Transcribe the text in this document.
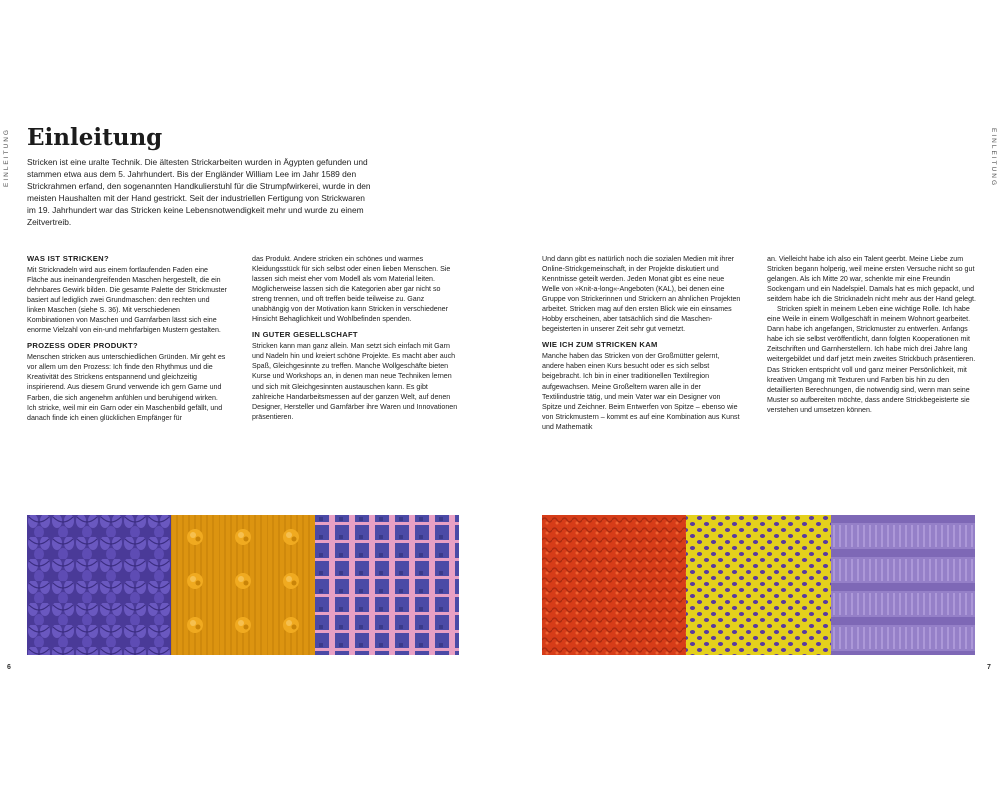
EINLEITUNG	EINLEITUNG
Einleitung

Stricken ist eine uralte Technik. Die ältesten Strickarbeiten wurden in Ägypten gefunden und stammen etwa aus dem 5. Jahrhundert. Bis der Engländer William Lee im Jahr 1589 den Strickrahmen erfand, den sogenannten Handkulierstuhl für die Strumpfwirkerei, wurde in den meisten Haushalten mit der Hand gestrickt. Seit der industriellen Fertigung von Strickwaren im 19. Jahrhundert war das Stricken keine Lebensnotwendigkeit mehr und wurde zu einem Zeitvertreib.

WAS IST STRICKEN?

Mit Stricknadeln wird aus einem fortlaufenden Faden eine Fläche aus ineinandergreifenden Maschen hergestellt, die ein dehnbares Gewirk bilden. Die gesamte Palette der Strickmuster basiert auf lediglich zwei Grundmaschen: den rechten und linken Maschen (siehe S. 36). Mit verschiedenen Kombinationen von Maschen und Garnfarben lässt sich eine enorme Vielzahl von ein-und mehrfarbigen Mustern gestalten.

PROZESS ODER PRODUKT?

Menschen stricken aus unterschiedlichen Gründen. Mir geht es vor allem um den Prozess: Ich finde den Rhythmus und die Kreativität des Strickens entspannend und gleichzeitig inspirierend. Aus diesem Grund verwende ich gern Garne und Farben, die sich angenehm anfühlen und beruhigend wirken. Ich stricke, weil mir ein Garn oder ein Maschenbild gefällt, und danach finde ich einen glücklichen Empfänger für

das Produkt. Andere stricken ein schönes und warmes Kleidungsstück für sich selbst oder einen lieben Menschen. Sie lassen sich meist eher vom Modell als vom Material leiten. Möglicherweise lassen sich die Kategorien aber gar nicht so streng trennen, und oft treffen beide teilweise zu. Ganz unabhängig von der Motivation kann Stricken in verschiedener Hinsicht Behaglichkeit und Wohlbefinden spenden.

IN GUTER GESELLSCHAFT

Stricken kann man ganz allein. Man setzt sich einfach mit Garn und Nadeln hin und kreiert schöne Projekte. Es macht aber auch Spaß, Gleichgesinnte zu treffen. Manche Wollgeschäfte bieten Kurse und Workshops an, in denen man neue Techniken lernen und sich mit Gleichgesinnten austauschen kann. Es gibt zahlreiche Handarbeitsmessen auf der ganzen Welt, auf denen Designer, Hersteller und Garnfärber ihre Waren und Innovationen präsentieren.

Und dann gibt es natürlich noch die sozialen Medien mit ihrer Online-Strickgemeinschaft, in der Projekte diskutiert und Kenntnisse geteilt werden. Jeden Monat gibt es eine neue Welle von »Knit-a-long«-Angeboten (KAL), bei denen eine Gruppe von Strickerinnen und Strickern an ähnlichen Projekten arbeitet. Stricken mag auf den ersten Blick wie ein einsames Hobby erscheinen, aber tatsächlich sind die Maschenbegeisterten in unserer Zeit sehr gut vernetzt.

WIE ICH ZUM STRICKEN KAM

Manche haben das Stricken von der Großmütter gelernt, andere haben einen Kurs besucht oder es sich selbst beigebracht. Ich bin in einer traditionellen Textilregion aufgewachsen. Meine Großeltern waren alle in der Textilindustrie tätig, und mein Vater war ein Designer von Spitze und Zeichner. Beim Entwerfen von Spitze – ebenso wie von Strickmustern – kommt es auf eine Kombination aus Kunst und Mathematik

an. Vielleicht habe ich also ein Talent geerbt. Meine Liebe zum Stricken begann holperig, weil meine ersten Versuche nicht so gut gelangen. Als ich Mitte 20 war, schenkte mir eine Freundin Sockengarn und ein Nadelspiel. Damals hat es mich gepackt, und seitdem habe ich die Stricknadeln nicht mehr aus der Hand gelegt.

Stricken spielt in meinem Leben eine wichtige Rolle. Ich habe eine Weile in einem Wollgeschäft in meinem Wohnort gearbeitet. Dann habe ich angefangen, Strickmuster zu entwerfen. Anfangs habe ich sie selbst veröffentlicht, dann folgten Kooperationen mit Zeitschriften und Garnherstellern. Ich habe mich drei Jahre lang weitergebildet und darf jetzt mein zweites Strickbuch präsentieren. Das Stricken entspricht voll und ganz meiner Persönlichkeit, mit kreativen Umgang mit Texturen und Farben bis hin zu den detaillierten Berechnungen, die notwendig sind, wenn man seine Muster so aufbereiten möchte, dass andere Strickbegeisterte sie verstehen und umsetzen können.

6	7
